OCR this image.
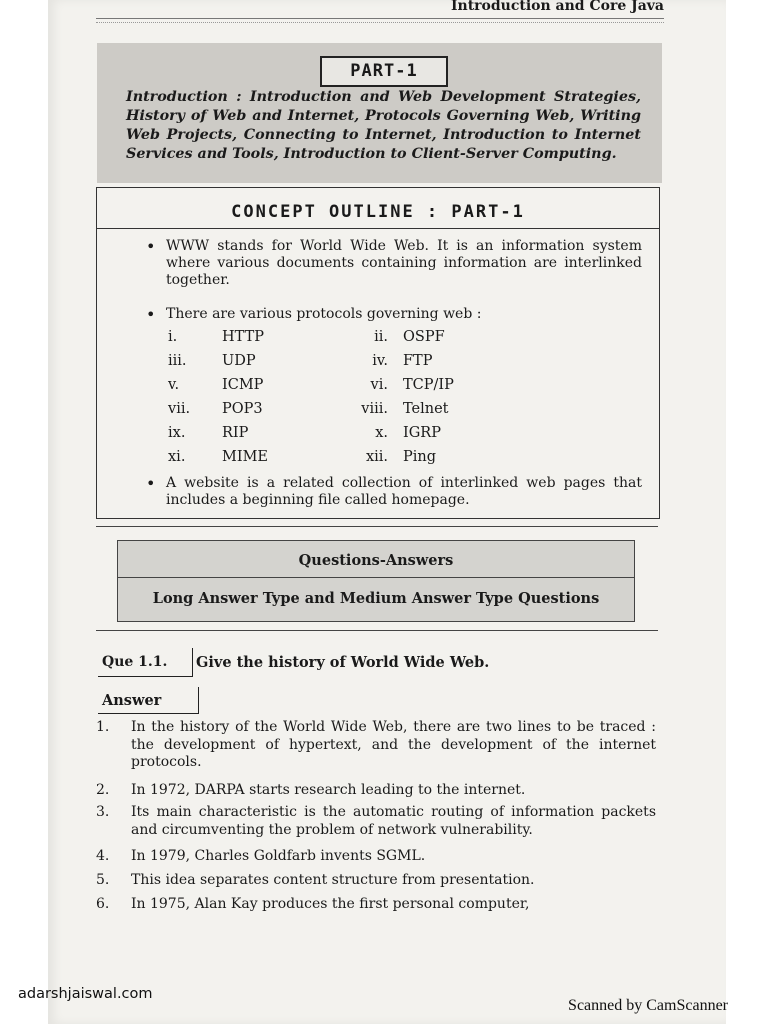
Introduction and Core Java
PART-1
Introduction : Introduction and Web Development Strategies, History of Web and Internet, Protocols Governing Web, Writing Web Projects, Connecting to Internet, Introduction to Internet Services and Tools, Introduction to Client-Server Computing.
CONCEPT OUTLINE : PART-1
• WWW stands for World Wide Web. It is an information system where various documents containing information are interlinked together.
• There are various protocols governing web :
i.	HTTP	ii. OSPF
iii.	UDP	iv. FTP
v.	ICMP	vi. TCP/IP
vii.	POP3	viii. Telnet
ix.	RIP	x. IGRP
xi.	MIME	xii. Ping
• A website is a related collection of interlinked web pages that includes a beginning file called homepage.
Questions-Answers
Long Answer Type and Medium Answer Type Questions
Que 1.1.	Give the history of World Wide Web.
Answer
1.	In the history of the World Wide Web, there are two lines to be traced : the development of hypertext, and the development of the internet protocols.
2.	In 1972, DARPA starts research leading to the internet.
3.	Its main characteristic is the automatic routing of information packets and circumventing the problem of network vulnerability.
4.	In 1979, Charles Goldfarb invents SGML.
5.	This idea separates content structure from presentation.
6.	In 1975, Alan Kay produces the first personal computer,
adarshjaiswal.com
Scanned by CamScanner
